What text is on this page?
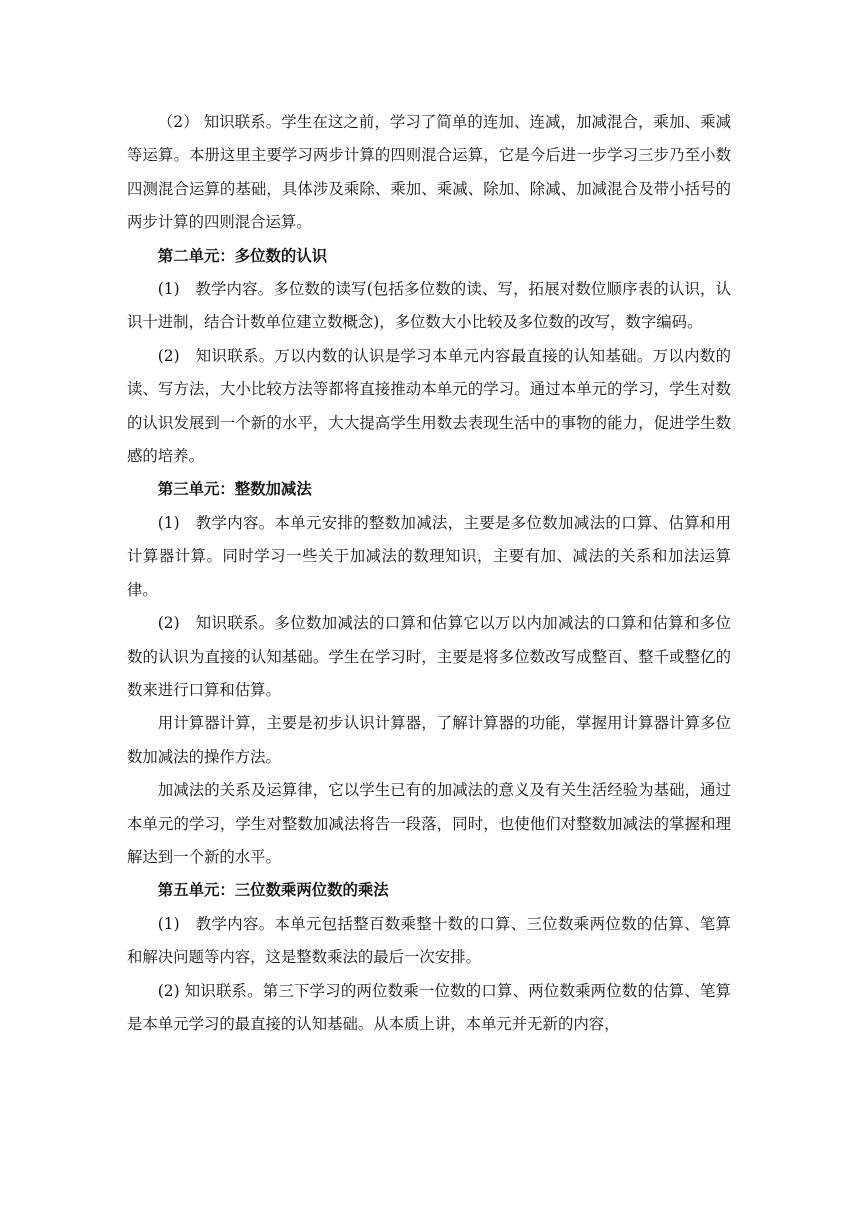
（2） 知识联系。学生在这之前，学习了简单的连加、连减，加减混合，乘加、乘减等运算。本册这里主要学习两步计算的四则混合运算，它是今后进一步学习三步乃至小数四测混合运算的基础，具体涉及乘除、乘加、乘减、除加、除减、加减混合及带小括号的两步计算的四则混合运算。

第二单元：多位数的认识

(1)　教学内容。多位数的读写(包括多位数的读、写，拓展对数位顺序表的认识，认识十进制，结合计数单位建立数概念)，多位数大小比较及多位数的改写，数字编码。

(2)　知识联系。万以内数的认识是学习本单元内容最直接的认知基础。万以内数的读、写方法，大小比较方法等都将直接推动本单元的学习。通过本单元的学习，学生对数的认识发展到一个新的水平，大大提高学生用数去表现生活中的事物的能力，促进学生数感的培养。

第三单元：整数加减法

(1)　教学内容。本单元安排的整数加减法，主要是多位数加减法的口算、估算和用计算器计算。同时学习一些关于加减法的数理知识，主要有加、减法的关系和加法运算律。

(2)　知识联系。多位数加减法的口算和估算它以万以内加减法的口算和估算和多位数的认识为直接的认知基础。学生在学习时，主要是将多位数改写成整百、整千或整亿的数来进行口算和估算。

用计算器计算，主要是初步认识计算器，了解计算器的功能，掌握用计算器计算多位数加减法的操作方法。

加减法的关系及运算律，它以学生已有的加减法的意义及有关生活经验为基础，通过本单元的学习，学生对整数加减法将告一段落，同时，也使他们对整数加减法的掌握和理解达到一个新的水平。

第五单元：三位数乘两位数的乘法

(1)　教学内容。本单元包括整百数乘整十数的口算、三位数乘两位数的估算、笔算和解决问题等内容，这是整数乘法的最后一次安排。

(2) 知识联系。第三下学习的两位数乘一位数的口算、两位数乘两位数的估算、笔算是本单元学习的最直接的认知基础。从本质上讲，本单元并无新的内容，
